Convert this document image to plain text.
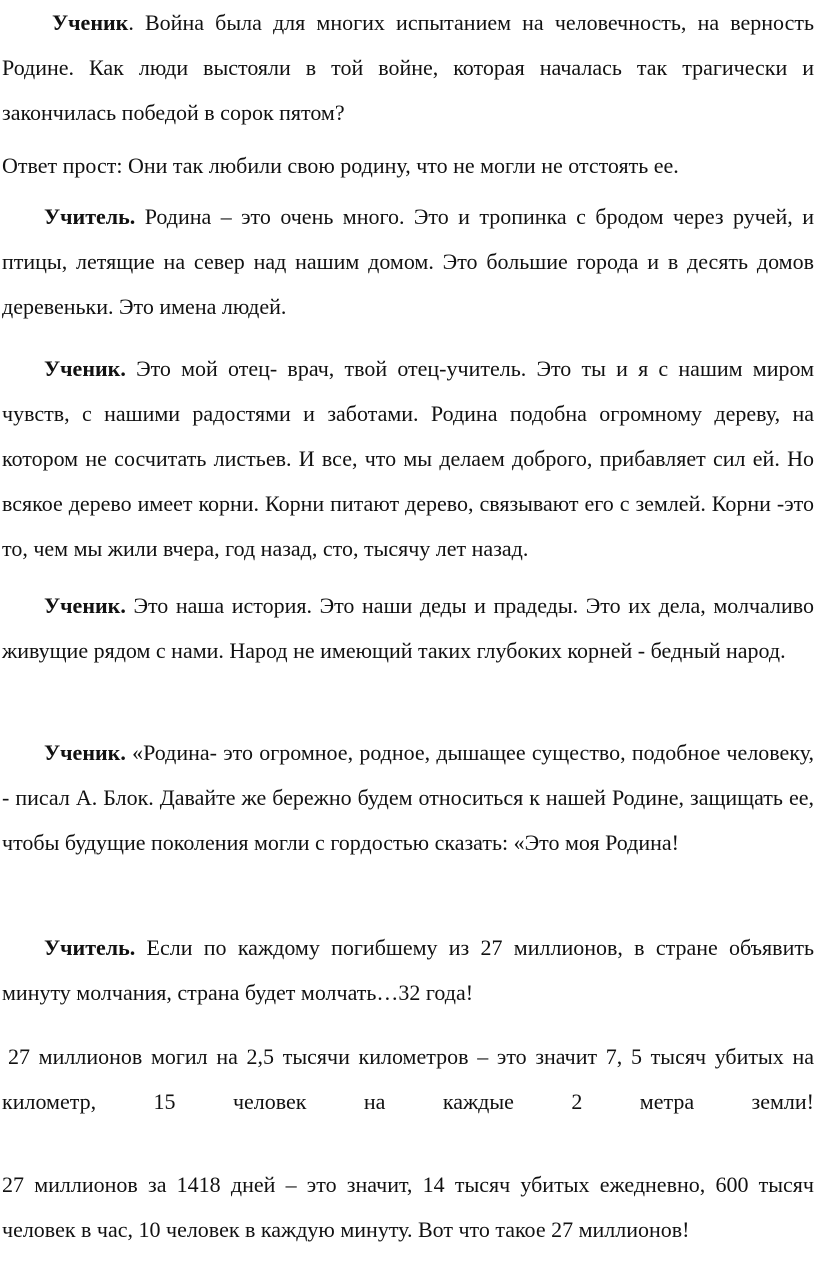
Ученик. Война была для многих испытанием на человечность, на верность Родине. Как люди выстояли в той войне, которая началась так трагически и закончилась победой в сорок пятом?

Ответ прост: Они так любили свою родину, что не могли не отстоять ее.

Учитель. Родина – это очень много. Это и тропинка с бродом через ручей, и птицы, летящие на север над нашим домом. Это большие города и в десять домов деревеньки. Это имена людей.

Ученик. Это мой отец- врач, твой отец-учитель. Это ты и я с нашим миром чувств, с нашими радостями и заботами. Родина подобна огромному дереву, на котором не сосчитать листьев. И все, что мы делаем доброго, прибавляет сил ей. Но всякое дерево имеет корни. Корни питают дерево, связывают его с землей. Корни -это то, чем мы жили вчера, год назад, сто, тысячу лет назад.

Ученик. Это наша история. Это наши деды и прадеды. Это их дела, молчаливо живущие рядом с нами. Народ не имеющий таких глубоких корней - бедный народ.

Ученик. «Родина- это огромное, родное, дышащее существо, подобное человеку, - писал А. Блок. Давайте же бережно будем относиться к нашей Родине, защищать ее, чтобы будущие поколения могли с гордостью сказать: «Это моя Родина!

Учитель. Если по каждому погибшему из 27 миллионов, в стране объявить минуту молчания, страна будет молчать…32 года!

27 миллионов могил на 2,5 тысячи километров – это значит 7, 5 тысяч убитых на километр, 15 человек на каждые 2 метра земли!

27 миллионов за 1418 дней – это значит, 14 тысяч убитых ежедневно, 600 тысяч человек в час, 10 человек в каждую минуту. Вот что такое 27 миллионов!
